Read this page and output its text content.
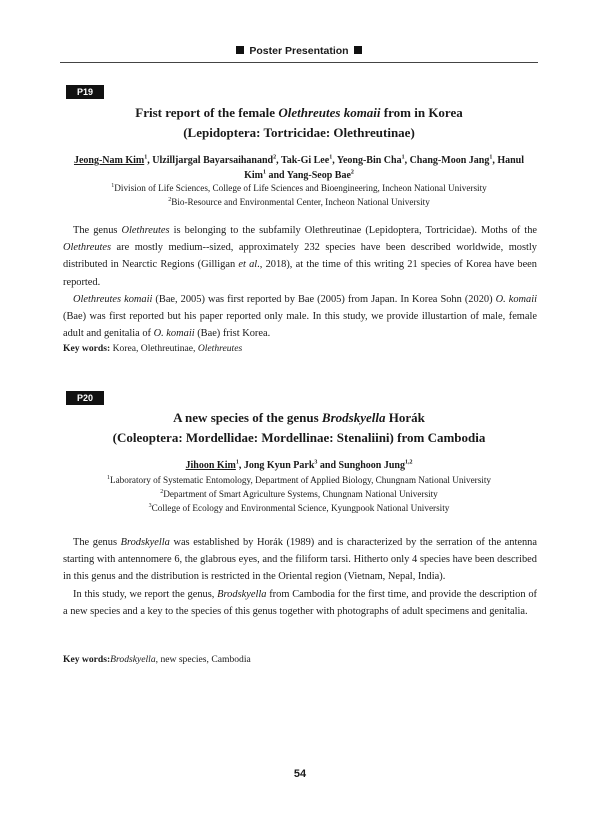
Poster Presentation
P19
Frist report of the female Olethreutes komaii from in Korea
(Lepidoptera: Tortricidae: Olethreutinae)
Jeong-Nam Kim$^1$, Ulzilljargal Bayarsaihanand$^2$, Tak-Gi Lee$^1$, Yeong-Bin Cha$^1$, Chang-Moon Jang$^1$, Hanul
Kim$^1$ and Yang-Seop Bae$^2$
$^1$Division of Life Sciences, College of Life Sciences and Bioengineering, Incheon National University
$^2$Bio-Resource and Environmental Center, Incheon National University

The genus Olethreutes is belonging to the subfamily Olethreutinae (Lepidoptera, Tortricidae). Moths of the Olethreutes are mostly medium--sized, approximately 232 species have been described worldwide, mostly distributed in Nearctic Regions (Gilligan et al., 2018), at the time of this writing 21 species of Korea have been reported.

Olethreutes komaii (Bae, 2005) was first reported by Bae (2005) from Japan. In Korea Sohn (2020) O. komaii (Bae) was first reported but his paper reported only male. In this study, we provide illustartion of male, female adult and genitalia of O. komaii (Bae) frist Korea.

Key words: Korea, Olethreutinae, Olethreutes
P20
A new species of the genus Brodskyella Horák
(Coleoptera: Mordellidae: Mordellinae: Stenaliini) from Cambodia
Jihoon Kim$^1$, Jong Kyun Park$^3$ and Sunghoon Jung$^{1,2}$
$^1$Laboratory of Systematic Entomology, Department of Applied Biology, Chungnam National University
$^2$Department of Smart Agriculture Systems, Chungnam National University
$^3$College of Ecology and Environmental Science, Kyungpook National University

The genus Brodskyella was established by Horák (1989) and is characterized by the serration of the antenna starting with antennomere 6, the glabrous eyes, and the filiform tarsi. Hitherto only 4 species have been described in this genus and the distribution is restricted in the Oriental region (Vietnam, Nepal, India).

In this study, we report the genus, Brodskyella from Cambodia for the first time, and provide the description of a new species and a key to the species of this genus together with photographs of adult specimens and genitalia.

Key words:Brodskyella, new species, Cambodia
54
